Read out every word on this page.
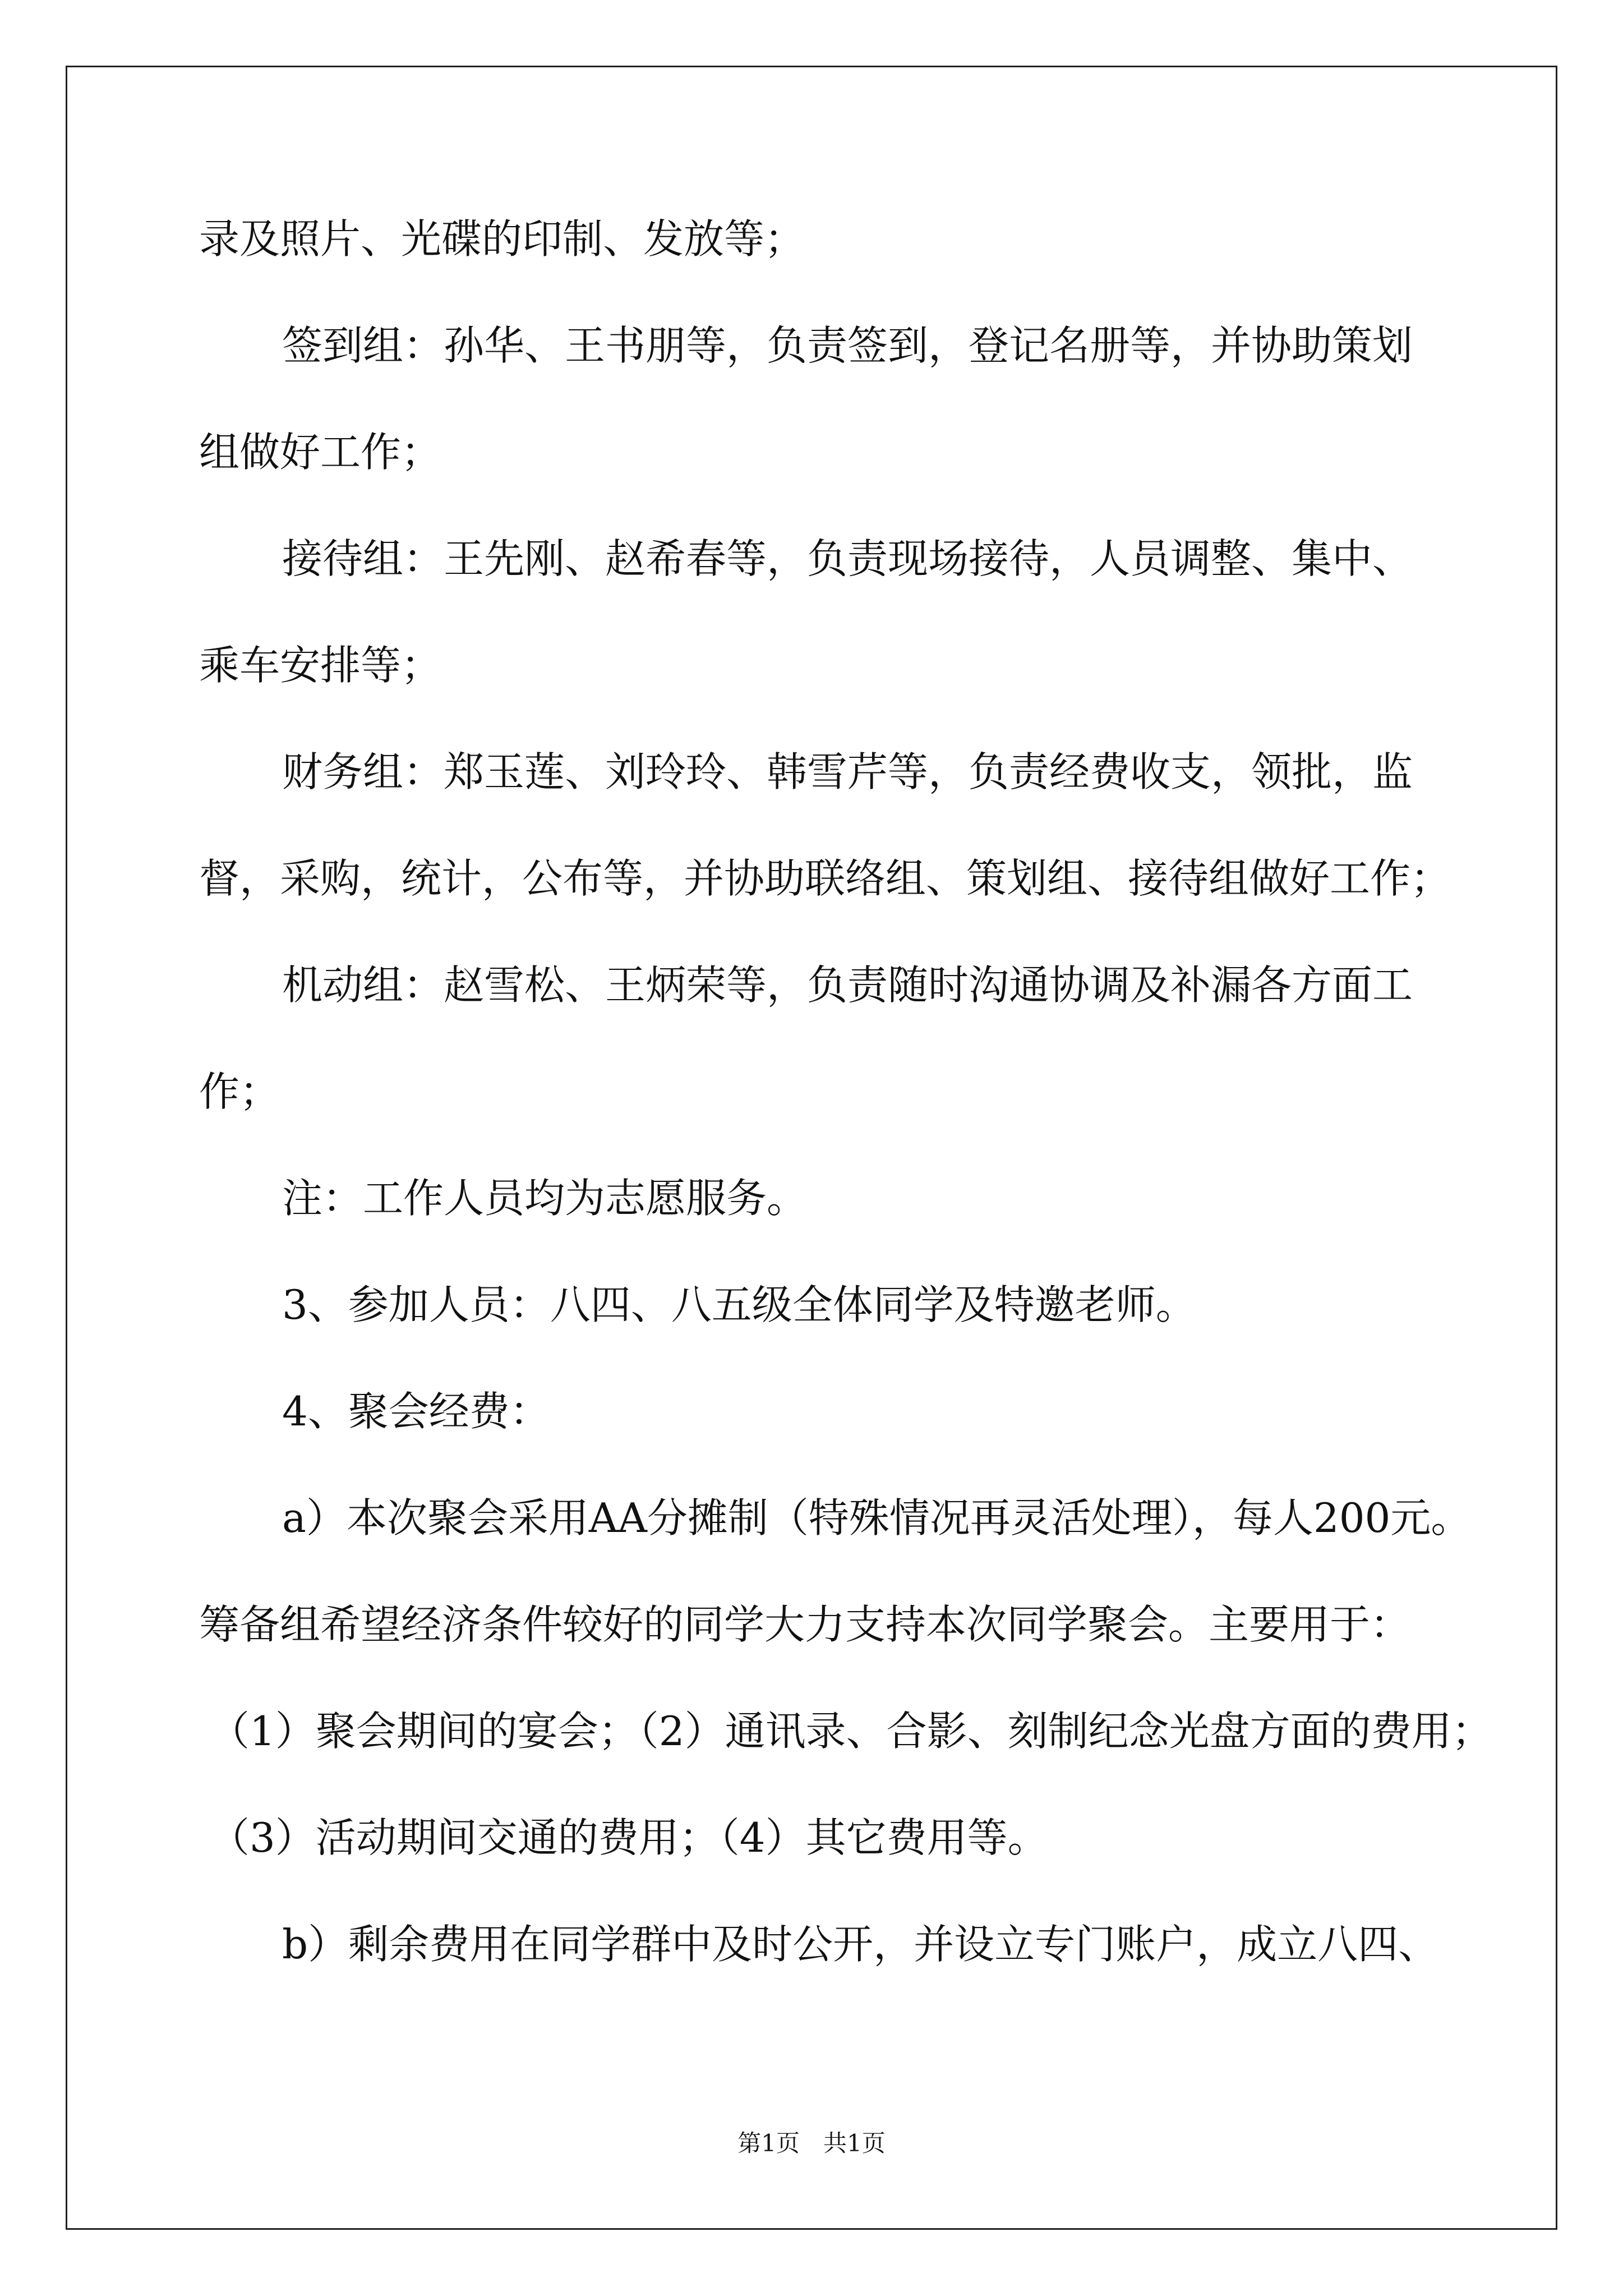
录及照片、光碟的印制、发放等；
签到组：孙华、王书朋等，负责签到，登记名册等，并协助策划
组做好工作；
接待组：王先刚、赵希春等，负责现场接待，人员调整、集中、
乘车安排等；
财务组：郑玉莲、刘玲玲、韩雪芹等，负责经费收支，领批，监
督，采购，统计，公布等，并协助联络组、策划组、接待组做好工作；
机动组：赵雪松、王炳荣等，负责随时沟通协调及补漏各方面工
作；
注：工作人员均为志愿服务。
3、参加人员：八四、八五级全体同学及特邀老师。
4、聚会经费：
a）本次聚会采用AA分摊制（特殊情况再灵活处理），每人200元。
筹备组希望经济条件较好的同学大力支持本次同学聚会。主要用于：
（1）聚会期间的宴会；（2）通讯录、合影、刻制纪念光盘方面的费用；
（3）活动期间交通的费用；（4）其它费用等。
b）剩余费用在同学群中及时公开，并设立专门账户，成立八四、
第1页　共1页
